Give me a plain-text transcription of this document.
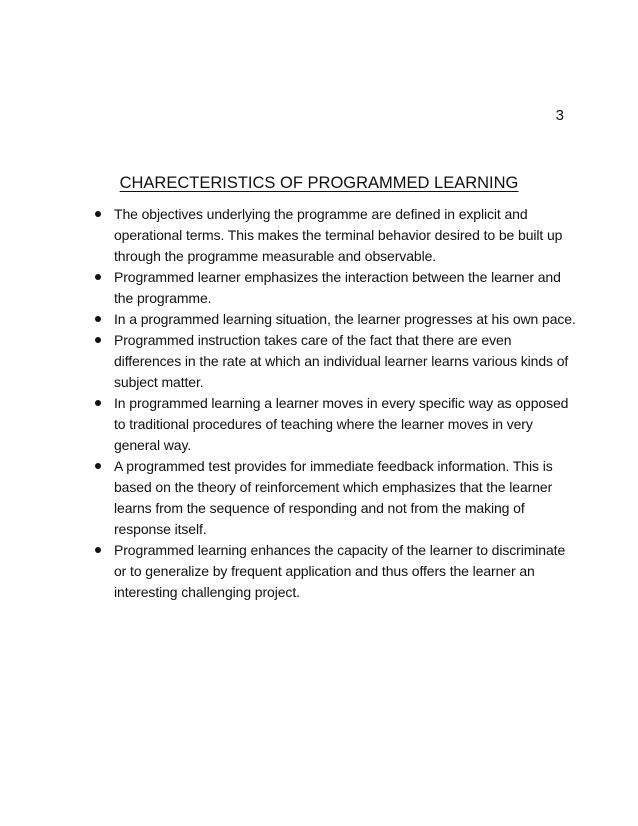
3
CHARECTERISTICS OF PROGRAMMED LEARNING
The objectives underlying the programme are defined in explicit and
operational terms. This makes the terminal behavior desired to be built up
through the programme measurable and observable.
Programmed learner emphasizes the interaction between the learner and
the programme.
In a programmed learning situation, the learner progresses at his own pace.
Programmed instruction takes care of the fact that there are even
differences in the rate at which an individual learner learns various kinds of
subject matter.
In programmed learning a learner moves in every specific way as opposed
to traditional procedures of teaching where the learner moves in very
general way.
A programmed test provides for immediate feedback information. This is
based on the theory of reinforcement which emphasizes that the learner
learns from the sequence of responding and not from the making of
response itself.
Programmed learning enhances the capacity of the learner to discriminate
or to generalize by frequent application and thus offers the learner an
interesting challenging project.
